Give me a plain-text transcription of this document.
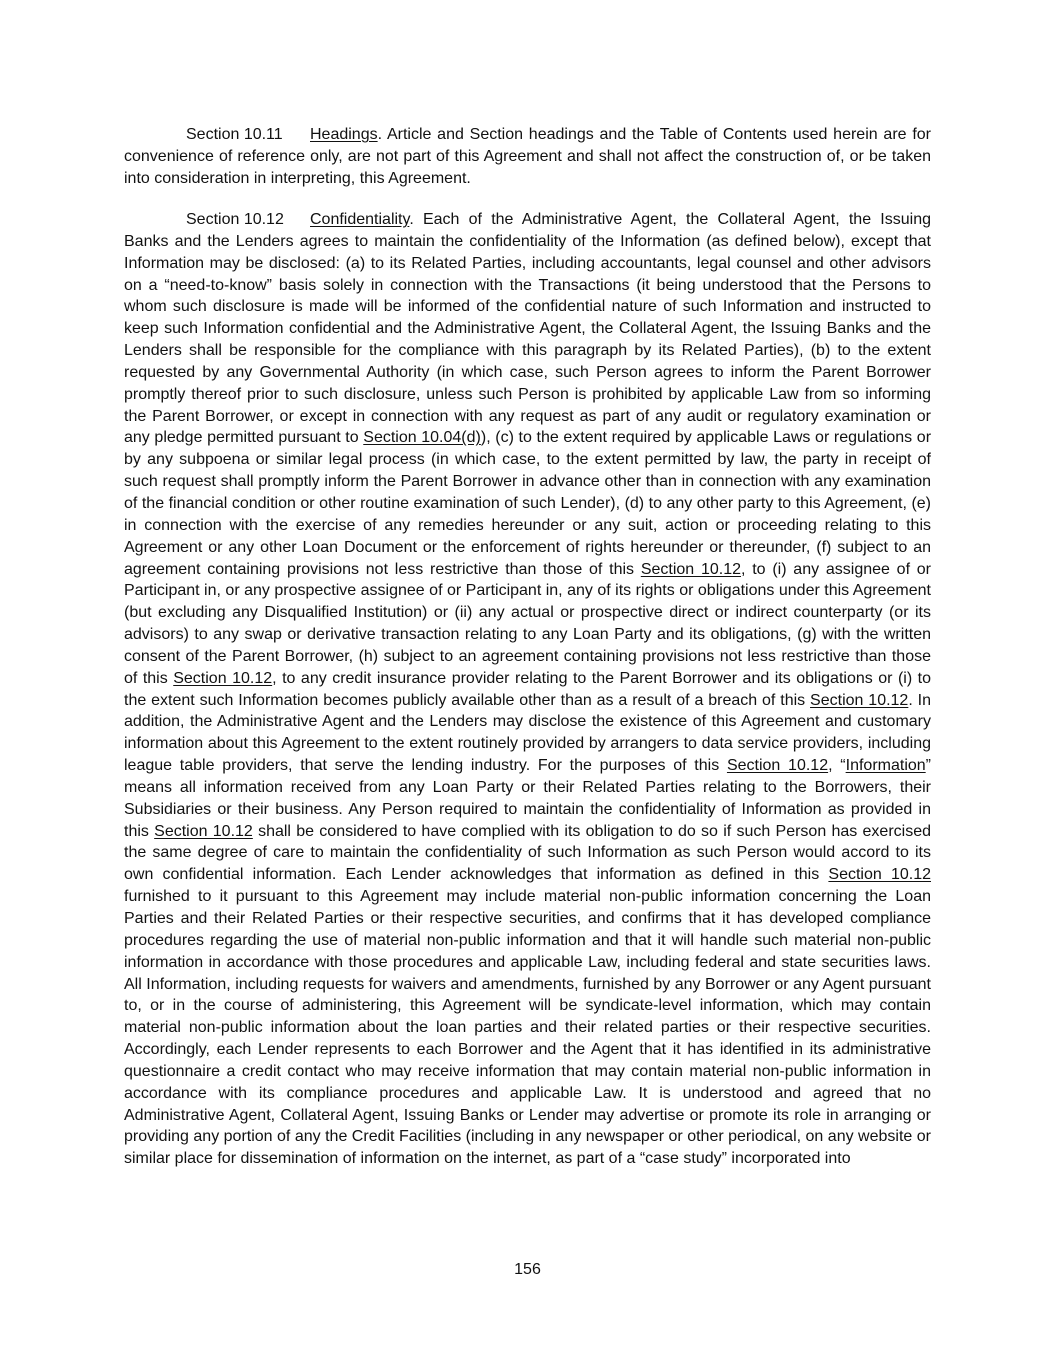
Section 10.11 Headings. Article and Section headings and the Table of Contents used herein are for convenience of reference only, are not part of this Agreement and shall not affect the construction of, or be taken into consideration in interpreting, this Agreement.

Section 10.12 Confidentiality. Each of the Administrative Agent, the Collateral Agent, the Issuing Banks and the Lenders agrees to maintain the confidentiality of the Information (as defined below), except that Information may be disclosed: (a) to its Related Parties, including accountants, legal counsel and other advisors on a “need-to-know” basis solely in connection with the Transactions (it being understood that the Persons to whom such disclosure is made will be informed of the confidential nature of such Information and instructed to keep such Information confidential and the Administrative Agent, the Collateral Agent, the Issuing Banks and the Lenders shall be responsible for the compliance with this paragraph by its Related Parties), (b) to the extent requested by any Governmental Authority (in which case, such Person agrees to inform the Parent Borrower promptly thereof prior to such disclosure, unless such Person is prohibited by applicable Law from so informing the Parent Borrower, or except in connection with any request as part of any audit or regulatory examination or any pledge permitted pursuant to Section 10.04(d)), (c) to the extent required by applicable Laws or regulations or by any subpoena or similar legal process (in which case, to the extent permitted by law, the party in receipt of such request shall promptly inform the Parent Borrower in advance other than in connection with any examination of the financial condition or other routine examination of such Lender), (d) to any other party to this Agreement, (e) in connection with the exercise of any remedies hereunder or any suit, action or proceeding relating to this Agreement or any other Loan Document or the enforcement of rights hereunder or thereunder, (f) subject to an agreement containing provisions not less restrictive than those of this Section 10.12, to (i) any assignee of or Participant in, or any prospective assignee of or Participant in, any of its rights or obligations under this Agreement (but excluding any Disqualified Institution) or (ii) any actual or prospective direct or indirect counterparty (or its advisors) to any swap or derivative transaction relating to any Loan Party and its obligations, (g) with the written consent of the Parent Borrower, (h) subject to an agreement containing provisions not less restrictive than those of this Section 10.12, to any credit insurance provider relating to the Parent Borrower and its obligations or (i) to the extent such Information becomes publicly available other than as a result of a breach of this Section 10.12. In addition, the Administrative Agent and the Lenders may disclose the existence of this Agreement and customary information about this Agreement to the extent routinely provided by arrangers to data service providers, including league table providers, that serve the lending industry. For the purposes of this Section 10.12, “Information” means all information received from any Loan Party or their Related Parties relating to the Borrowers, their Subsidiaries or their business. Any Person required to maintain the confidentiality of Information as provided in this Section 10.12 shall be considered to have complied with its obligation to do so if such Person has exercised the same degree of care to maintain the confidentiality of such Information as such Person would accord to its own confidential information. Each Lender acknowledges that information as defined in this Section 10.12 furnished to it pursuant to this Agreement may include material non-public information concerning the Loan Parties and their Related Parties or their respective securities, and confirms that it has developed compliance procedures regarding the use of material non-public information and that it will handle such material non-public information in accordance with those procedures and applicable Law, including federal and state securities laws. All Information, including requests for waivers and amendments, furnished by any Borrower or any Agent pursuant to, or in the course of administering, this Agreement will be syndicate-level information, which may contain material non-public information about the loan parties and their related parties or their respective securities. Accordingly, each Lender represents to each Borrower and the Agent that it has identified in its administrative questionnaire a credit contact who may receive information that may contain material non-public information in accordance with its compliance procedures and applicable Law. It is understood and agreed that no Administrative Agent, Collateral Agent, Issuing Banks or Lender may advertise or promote its role in arranging or providing any portion of any the Credit Facilities (including in any newspaper or other periodical, on any website or similar place for dissemination of information on the internet, as part of a “case study” incorporated into

156
